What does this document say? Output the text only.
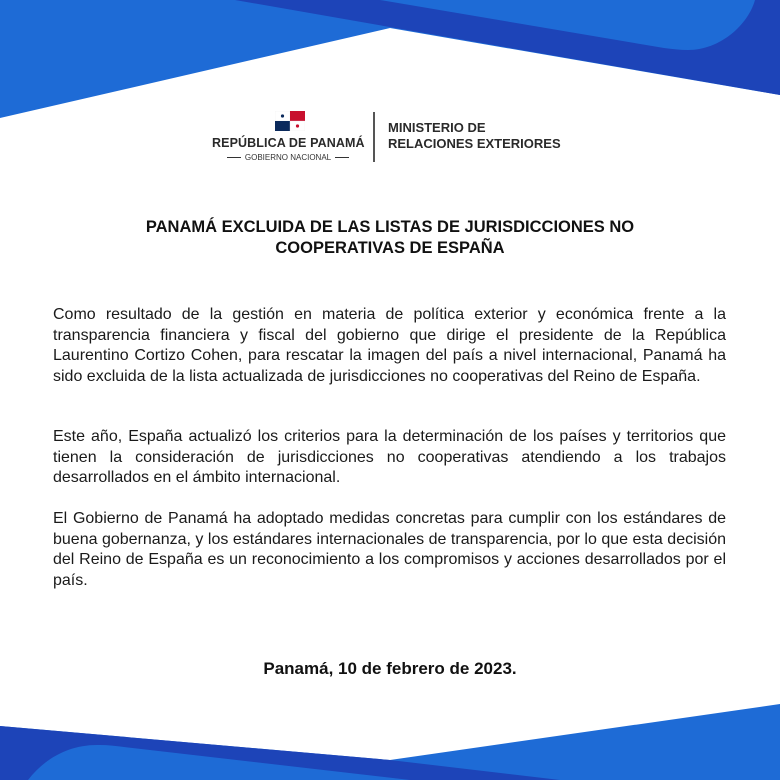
REPÚBLICA DE PANAMÁ
GOBIERNO NACIONAL
MINISTERIO DE
RELACIONES EXTERIORES
PANAMÁ EXCLUIDA DE LAS LISTAS DE JURISDICCIONES NO
COOPERATIVAS DE ESPAÑA

Como resultado de la gestión en materia de política exterior y económica frente a la transparencia financiera y fiscal del gobierno que dirige el presidente de la República Laurentino Cortizo Cohen, para rescatar la imagen del país a nivel internacional, Panamá ha sido excluida de la lista actualizada de jurisdicciones no cooperativas del Reino de España.

Este año, España actualizó los criterios para la determinación de los países y territorios que tienen la consideración de jurisdicciones no cooperativas atendiendo a los trabajos desarrollados en el ámbito internacional.

El Gobierno de Panamá ha adoptado medidas concretas para cumplir con los estándares de buena gobernanza, y los estándares internacionales de transparencia, por lo que esta decisión del Reino de España es un reconocimiento a los compromisos y acciones desarrollados por el país.

Panamá, 10 de febrero de 2023.
